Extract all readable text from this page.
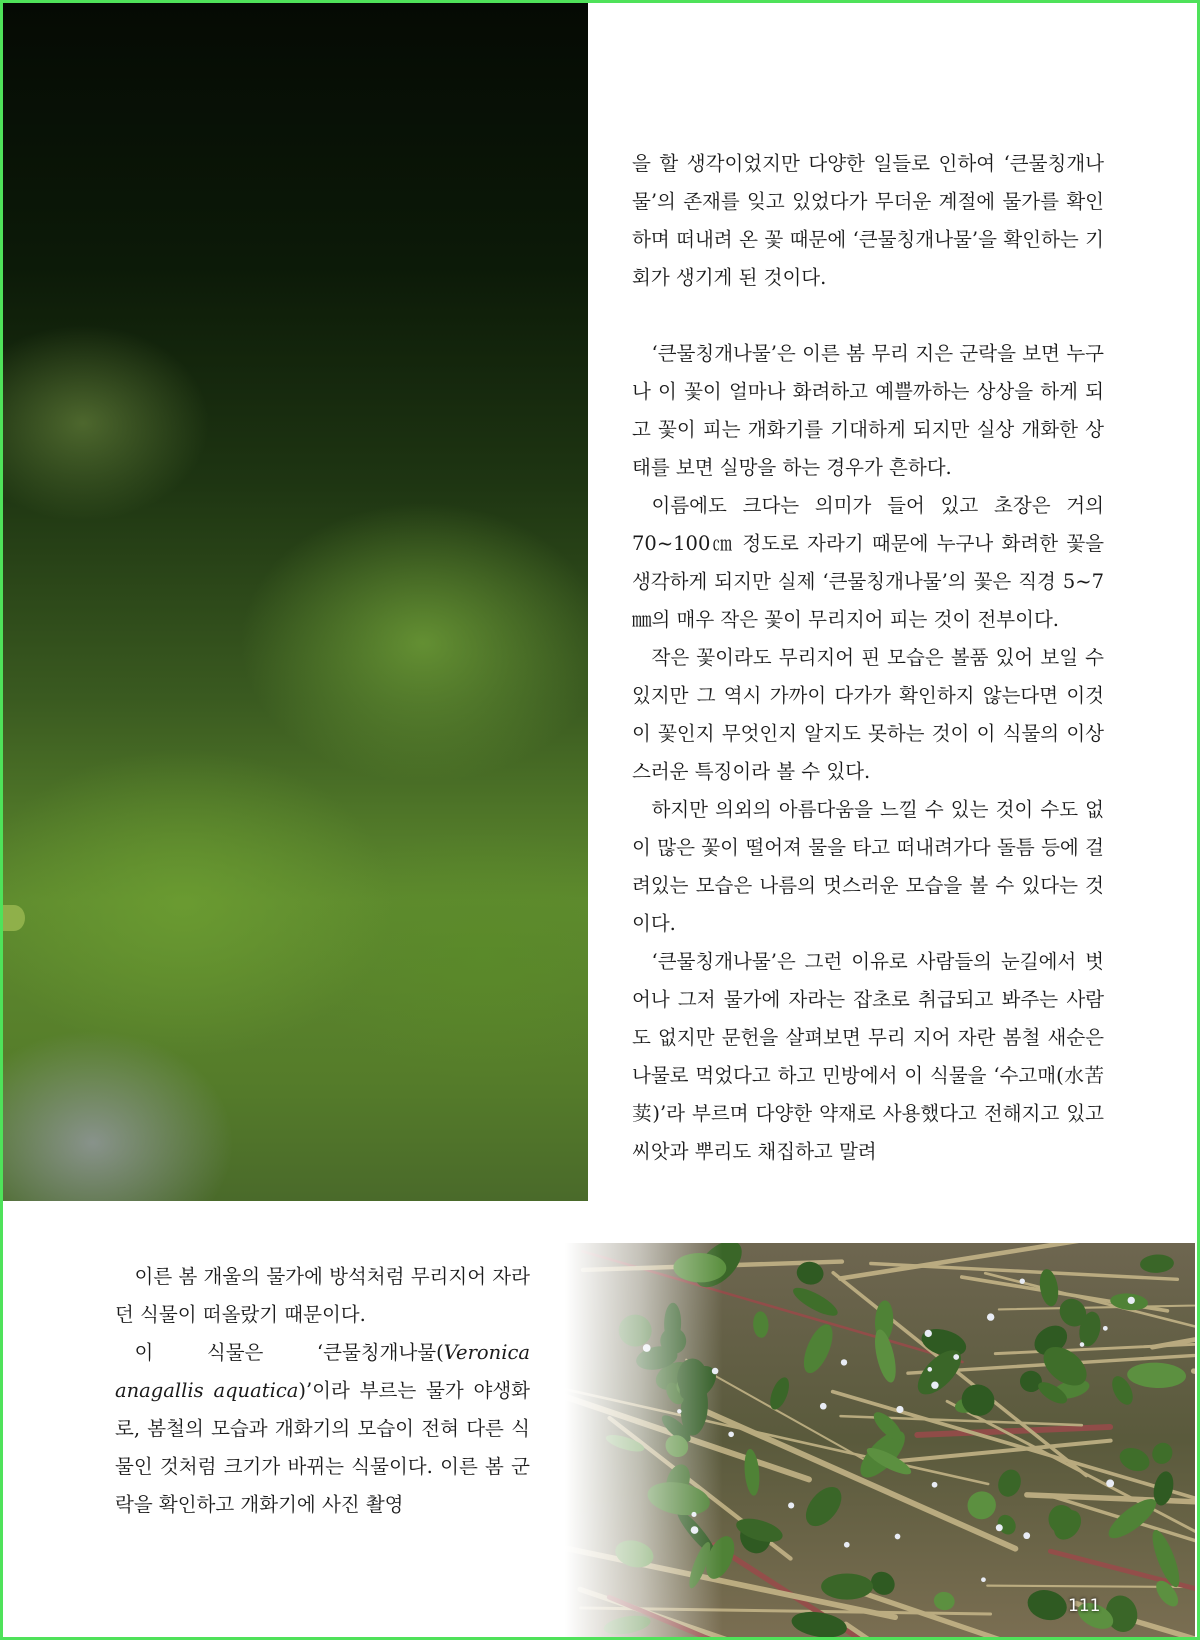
을 할 생각이었지만 다양한 일들로 인하여 ‘큰물칭개나물’의 존재를 잊고 있었다가 무더운 계절에 물가를 확인하며 떠내려 온 꽃 때문에 ‘큰물칭개나물’을 확인하는 기회가 생기게 된 것이다.

‘큰물칭개나물’은 이른 봄 무리 지은 군락을 보면 누구나 이 꽃이 얼마나 화려하고 예쁠까하는 상상을 하게 되고 꽃이 피는 개화기를 기대하게 되지만 실상 개화한 상태를 보면 실망을 하는 경우가 흔하다.

이름에도 크다는 의미가 들어 있고 초장은 거의 70~100㎝ 정도로 자라기 때문에 누구나 화려한 꽃을 생각하게 되지만 실제 ‘큰물칭개나물’의 꽃은 직경 5~7㎜의 매우 작은 꽃이 무리지어 피는 것이 전부이다.

작은 꽃이라도 무리지어 핀 모습은 볼품 있어 보일 수 있지만 그 역시 가까이 다가가 확인하지 않는다면 이것이 꽃인지 무엇인지 알지도 못하는 것이 이 식물의 이상스러운 특징이라 볼 수 있다.

하지만 의외의 아름다움을 느낄 수 있는 것이 수도 없이 많은 꽃이 떨어져 물을 타고 떠내려가다 돌틈 등에 걸려있는 모습은 나름의 멋스러운 모습을 볼 수 있다는 것이다.

‘큰물칭개나물’은 그런 이유로 사람들의 눈길에서 벗어나 그저 물가에 자라는 잡초로 취급되고 봐주는 사람도 없지만 문헌을 살펴보면 무리 지어 자란 봄철 새순은 나물로 먹었다고 하고 민방에서 이 식물을 ‘수고매(水苦荬)’라 부르며 다양한 약재로 사용했다고 전해지고 있고 씨앗과 뿌리도 채집하고 말려

이른 봄 개울의 물가에 방석처럼 무리지어 자라던 식물이 떠올랐기 때문이다.

이 식물은 ‘큰물칭개나물(Veronica anagallis aquatica)’이라 부르는 물가 야생화로, 봄철의 모습과 개화기의 모습이 전혀 다른 식물인 것처럼 크기가 바뀌는 식물이다. 이른 봄 군락을 확인하고 개화기에 사진 촬영

111
